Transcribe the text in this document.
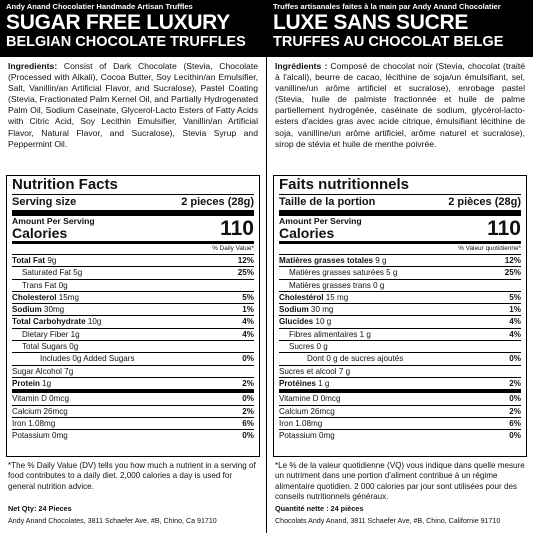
Andy Anand Chocolatier Handmade Artisan Truffles
SUGAR FREE LUXURY
BELGIAN CHOCOLATE TRUFFLES
Ingredients: Consist of Dark Chocolate (Stevia, Chocolate (Processed with Alkali), Cocoa Butter, Soy Lecithin/an Emulsifier, Salt, Vanillin/an Artificial Flavor, and Sucralose), Pastel Coating (Stevia, Fractionated Palm Kernel Oil, and Partially Hydrogenated Palm Oil, Sodium Caseinate, Glycerol-Lacto Esters of Fatty Acids with Citric Acid, Soy Lecithin Emulsifier, Vanillin/an Artificial Flavor, Natural Flavor, and Sucralose), Stevia Syrup and Peppermint Oil.
Nutrition Facts
Serving size	2 pieces (28g)
Amount Per Serving
Calories	110
% Daily Value*
Total Fat 9g	12%
Saturated Fat 5g	25%
Trans Fat 0g
Cholesterol 15mg	5%
Sodium 30mg	1%
Total Carbohydrate 10g	4%
Dietary Fiber 1g	4%
Total Sugars 0g
Includes 0g Added Sugars	0%
Sugar Alcohol 7g
Protein 1g	2%
Vitamin D 0mcg	0%
Calcium 26mcg	2%
Iron 1.08mg	6%
Potassium 0mg	0%
*The % Daily Value (DV) tells you how much a nutrient in a serving of food contributes to a daily diet. 2,000 calories a day is used for general nutrition advice.
Net Qty: 24 Pieces
Andy Anand Chocolates, 3811 Schaefer Ave, #B, Chino, Ca 91710
Truffes artisanales faites à la main par Andy Anand Chocolatier
LUXE SANS SUCRE
TRUFFES AU CHOCOLAT BELGE
Ingrédients : Composé de chocolat noir (Stevia, chocolat (traité à l'alcali), beurre de cacao, lécithine de soja/un émulsifiant, sel, vanilline/un arôme artificiel et sucralose), enrobage pastel (Stevia, huile de palmiste fractionnée et huile de palme partiellement hydrogénée, caséinate de sodium, glycérol-lacto-esters d'acides gras avec acide citrique, émulsifiant lécithine de soja, vanilline/un arôme artificiel, arôme naturel et sucralose), sirop de stévia et huile de menthe poivrée.
Faits nutritionnels
Taille de la portion	2 pièces (28g)
Amount Per Serving
Calories	110
% Valeur quotidienne*
Matières grasses totales 9 g	12%
Matières grasses saturées 5 g	25%
Matières grasses trans 0 g
Cholestérol 15 mg	5%
Sodium 30 mg	1%
Glucides 10 g	4%
Fibres alimentaires 1 g	4%
Sucres 0 g
Dont 0 g de sucres ajoutés	0%
Sucres et alcool 7 g
Protéines 1 g	2%
Vitamine D 0mcg	0%
Calcium 26mcg	2%
Iron 1.08mg	6%
Potassium 0mg	0%
*Le % de la valeur quotidienne (VQ) vous indique dans quelle mesure un nutriment dans une portion d'aliment contribue à un régime alimentaire quotidien. 2 000 calories par jour sont utilisées pour des conseils nutritionnels généraux.
Quantité nette : 24 pièces
Chocolats Andy Anand, 3811 Schaefer Ave, #B, Chino, Californie 91710
